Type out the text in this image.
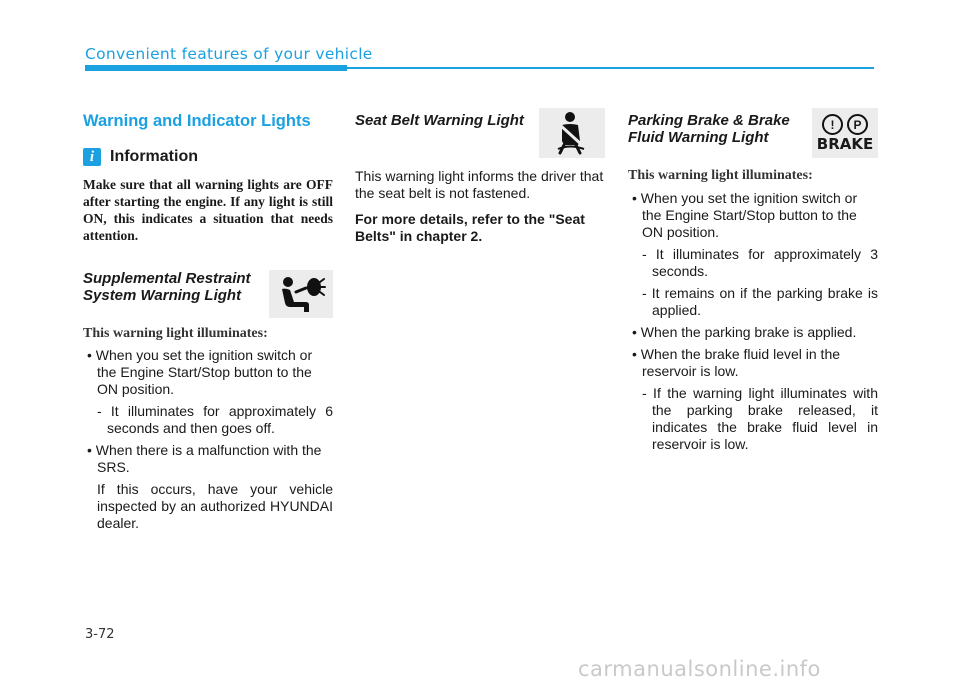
Convenient features of your vehicle
Warning and Indicator Lights
i Information

Make sure that all warning lights are OFF after starting the engine. If any light is still ON, this indicates a situation that needs attention.

Supplemental Restraint

System Warning Light

This warning light illuminates:

• When you set the ignition switch or the Engine Start/Stop button to the ON position.

- It illuminates for approximately 6 seconds and then goes off.

• When there is a malfunction with the SRS.

If this occurs, have your vehicle inspected by an authorized HYUNDAI dealer.

Seat Belt Warning Light

This warning light informs the driver that the seat belt is not fastened.

For more details, refer to the "Seat Belts" in chapter 2.

Parking Brake & Brake

Fluid Warning Light

!	P
BRAKE

This warning light illuminates:

• When you set the ignition switch or the Engine Start/Stop button to the ON position.

- It illuminates for approximately 3 seconds.

- It remains on if the parking brake is applied.

• When the parking brake is applied.

• When the brake fluid level in the reservoir is low.

- If the warning light illuminates with the parking brake released, it indicates the brake fluid level in reservoir is low.

3-72
carmanualsonline.info
